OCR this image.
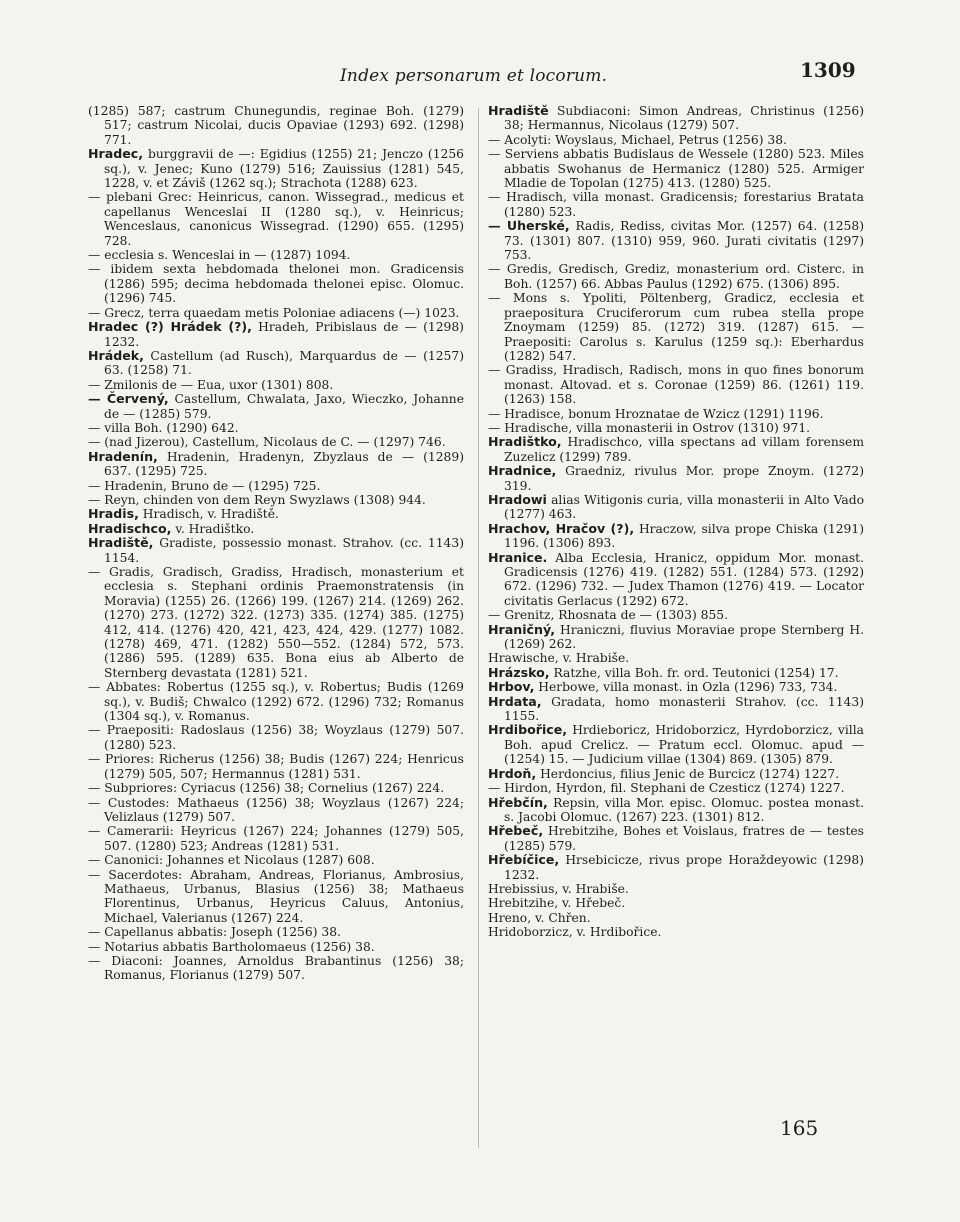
Index personarum et locorum.	1309

(1285) 587; castrum Chunegundis, reginae Boh. (1279) 517; castrum Nicolai, ducis Opaviae (1293) 692. (1298) 771.

Hradec, burggravii de —: Egidius (1255) 21; Jenczo (1256 sq.), v. Jenec; Kuno (1279) 516; Zauissius (1281) 545, 1228, v. et Záviš (1262 sq.); Strachota (1288) 623.

— plebani Grec: Heinricus, canon. Wissegrad., medicus et capellanus Wenceslai II (1280 sq.), v. Heinricus; Wenceslaus, canonicus Wissegrad. (1290) 655. (1295) 728.

— ecclesia s. Wenceslai in — (1287) 1094.

— ibidem sexta hebdomada thelonei mon. Gradicensis (1286) 595; decima hebdomada thelonei episc. Olomuc. (1296) 745.

— Grecz, terra quaedam metis Poloniae adiacens (—) 1023.

Hradec (?) Hrádek (?), Hradeh, Pribislaus de — (1298) 1232.

Hrádek, Castellum (ad Rusch), Marquardus de — (1257) 63. (1258) 71.

— Zmilonis de — Eua, uxor (1301) 808.

— Červený, Castellum, Chwalata, Jaxo, Wieczko, Johanne de — (1285) 579.

— villa Boh. (1290) 642.

— (nad Jizerou), Castellum, Nicolaus de C. — (1297) 746.

Hradenín, Hradenin, Hradenyn, Zbyzlaus de — (1289) 637. (1295) 725.

— Hradenin, Bruno de — (1295) 725.

— Reyn, chinden von dem Reyn Swyzlaws (1308) 944.

Hradis, Hradisch, v. Hradiště.

Hradischco, v. Hradištko.

Hradiště, Gradiste, possessio monast. Strahov. (cc. 1143) 1154.

— Gradis, Gradisch, Gradiss, Hradisch, monasterium et ecclesia s. Stephani ordinis Praemonstratensis (in Moravia) (1255) 26. (1266) 199. (1267) 214. (1269) 262. (1270) 273. (1272) 322. (1273) 335. (1274) 385. (1275) 412, 414. (1276) 420, 421, 423, 424, 429. (1277) 1082. (1278) 469, 471. (1282) 550—552. (1284) 572, 573. (1286) 595. (1289) 635. Bona eius ab Alberto de Sternberg devastata (1281) 521.

— Abbates: Robertus (1255 sq.), v. Robertus; Budis (1269 sq.), v. Budiš; Chwalco (1292) 672. (1296) 732; Romanus (1304 sq.), v. Romanus.

— Praepositi: Radoslaus (1256) 38; Woyzlaus (1279) 507. (1280) 523.

— Priores: Richerus (1256) 38; Budis (1267) 224; Henricus (1279) 505, 507; Hermannus (1281) 531.

— Subpriores: Cyriacus (1256) 38; Cornelius (1267) 224.

— Custodes: Mathaeus (1256) 38; Woyzlaus (1267) 224; Velizlaus (1279) 507.

— Camerarii: Heyricus (1267) 224; Johannes (1279) 505, 507. (1280) 523; Andreas (1281) 531.

— Canonici: Johannes et Nicolaus (1287) 608.

— Sacerdotes: Abraham, Andreas, Florianus, Ambrosius, Mathaeus, Urbanus, Blasius (1256) 38; Mathaeus Florentinus, Urbanus, Heyricus Caluus, Antonius, Michael, Valerianus (1267) 224.

— Capellanus abbatis: Joseph (1256) 38.

— Notarius abbatis Bartholomaeus (1256) 38.

— Diaconi: Joannes, Arnoldus Brabantinus (1256) 38; Romanus, Florianus (1279) 507.

Hradiště Subdiaconi: Simon Andreas, Christinus (1256) 38; Hermannus, Nicolaus (1279) 507.

— Acolyti: Woyslaus, Michael, Petrus (1256) 38.

— Serviens abbatis Budislaus de Wessele (1280) 523. Miles abbatis Swohanus de Hermanicz (1280) 525. Armiger Mladie de Topolan (1275) 413. (1280) 525.

— Hradisch, villa monast. Gradicensis; forestarius Bratata (1280) 523.

— Uherské, Radis, Rediss, civitas Mor. (1257) 64. (1258) 73. (1301) 807. (1310) 959, 960. Jurati civitatis (1297) 753.

— Gredis, Gredisch, Grediz, monasterium ord. Cisterc. in Boh. (1257) 66. Abbas Paulus (1292) 675. (1306) 895.

— Mons s. Ypoliti, Pöltenberg, Gradicz, ecclesia et praepositura Cruciferorum cum rubea stella prope Znoymam (1259) 85. (1272) 319. (1287) 615. — Praepositi: Carolus s. Karulus (1259 sq.): Eberhardus (1282) 547.

— Gradiss, Hradisch, Radisch, mons in quo fines bonorum monast. Altovad. et s. Coronae (1259) 86. (1261) 119. (1263) 158.

— Hradisce, bonum Hroznatae de Wzicz (1291) 1196.

— Hradische, villa monasterii in Ostrov (1310) 971.

Hradištko, Hradischco, villa spectans ad villam forensem Zuzelicz (1299) 789.

Hradnice, Graedniz, rivulus Mor. prope Znoym. (1272) 319.

Hradowi alias Witigonis curia, villa monasterii in Alto Vado (1277) 463.

Hrachov, Hračov (?), Hraczow, silva prope Chiska (1291) 1196. (1306) 893.

Hranice. Alba Ecclesia, Hranicz, oppidum Mor. monast. Gradicensis (1276) 419. (1282) 551. (1284) 573. (1292) 672. (1296) 732. — Judex Thamon (1276) 419. — Locator civitatis Gerlacus (1292) 672.

— Grenitz, Rhosnata de — (1303) 855.

Hraničný, Hraniczni, fluvius Moraviae prope Sternberg H. (1269) 262.

Hrawische, v. Hrabiše.

Hrázsko, Ratzhe, villa Boh. fr. ord. Teutonici (1254) 17.

Hrbov, Herbowe, villa monast. in Ozla (1296) 733, 734.

Hrdata, Gradata, homo monasterii Strahov. (cc. 1143) 1155.

Hrdibořice, Hrdieboricz, Hridoborzicz, Hyrdoborzicz, villa Boh. apud Crelicz. — Pratum eccl. Olomuc. apud — (1254) 15. — Judicium villae (1304) 869. (1305) 879.

Hrdoň, Herdoncius, filius Jenic de Burcicz (1274) 1227.

— Hirdon, Hyrdon, fil. Stephani de Czesticz (1274) 1227.

Hřebčín, Repsin, villa Mor. episc. Olomuc. postea monast. s. Jacobi Olomuc. (1267) 223. (1301) 812.

Hřebeč, Hrebitzihe, Bohes et Voislaus, fratres de — testes (1285) 579.

Hřebíčice, Hrsebicicze, rivus prope Horaždeyowic (1298) 1232.

Hrebissius, v. Hrabiše.

Hrebitzihe, v. Hřebeč.

Hreno, v. Chřen.

Hridoborzicz, v. Hrdibořice.

165
